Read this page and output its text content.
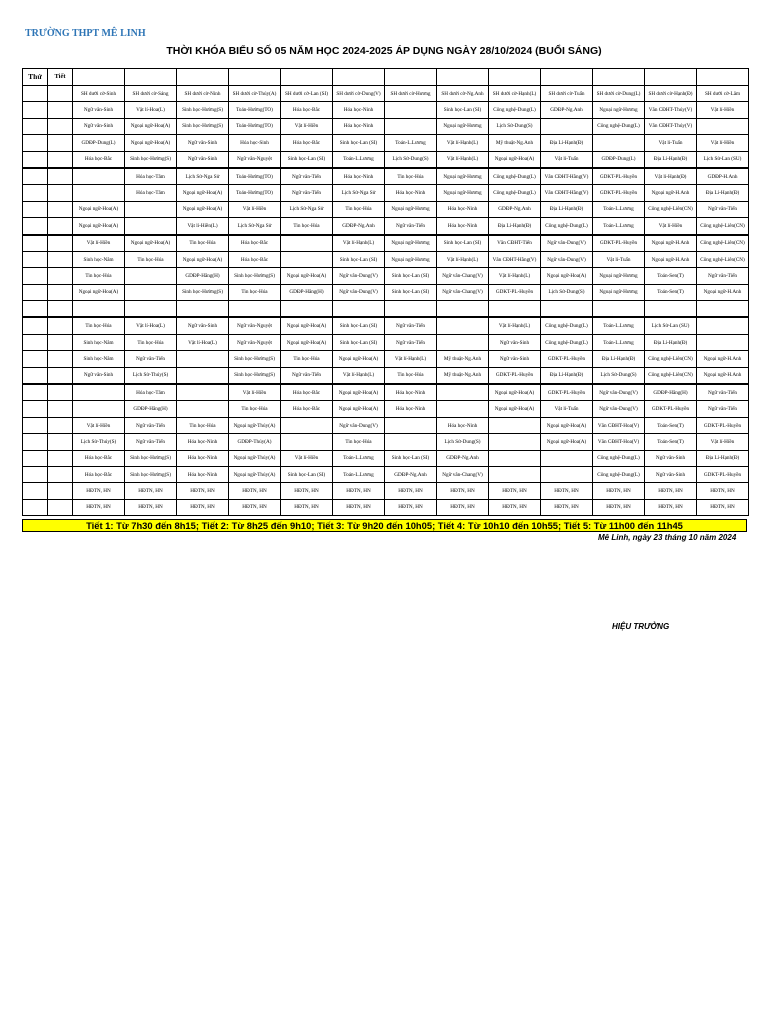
TRƯỜNG THPT MÊ LINH
THỜI KHÓA BIỂU SỐ 05 NĂM HỌC 2024-2025 ÁP DỤNG NGÀY 28/10/2024 (BUỔI SÁNG)
Thứ	Tiết													
		SH dưới cờ-Sinh	SH dưới cờ-Sáng	SH dưới cờ-Ninh	SH dưới cờ-Thúy(A)	SH dưới cờ-Lan (SI)	SH dưới cờ-Dung(V)	SH dưới cờ-Hương	SH dưới cờ-Ng.Anh	SH dưới cờ-Hạnh(L)	SH dưới cờ-Tuấn	SH dưới cờ-Dung(L)	SH dưới cờ-Hạnh(Đ)	SH dưới cờ-Lâm
		Ngữ văn-Sinh	Vật lí-Hoa(L)	Sinh học-Hường(S)	Toán-Hường(TO)	Hóa học-Bắc	Hóa học-Ninh		Sinh học-Lan (SI)	Công nghệ-Dung(L)	GDĐP-Ng.Anh	Ngoại ngữ-Hương	Văn CĐHT-Thúy(V)	Vật lí-Hiền
		Ngữ văn-Sinh	Ngoại ngữ-Hoa(A)	Sinh học-Hường(S)	Toán-Hường(TO)	Vật lí-Hiền	Hóa học-Ninh		Ngoại ngữ-Hương	Lịch Sử-Dung(S)		Công nghệ-Dung(L)	Văn CĐHT-Thúy(V)	
		GDĐP-Dung(L)	Ngoại ngữ-Hoa(A)	Ngữ văn-Sinh	Hóa học-Sinh	Hóa học-Bắc	Sinh học-Lan (SI)	Toán-L.Lương	Vật lí-Hạnh(L)	Mỹ thuật-Ng.Anh	Địa Lí-Hạnh(Đ)		Vật lí-Tuấn	Vật lí-Hiền
		Hóa học-Bắc	Sinh học-Hường(S)	Ngữ văn-Sinh	Ngữ văn-Nguyệt	Sinh học-Lan (SI)	Toán-L.Lương	Lịch Sử-Dung(S)	Vật lí-Hạnh(L)	Ngoại ngữ-Hoa(A)	Vật lí-Tuấn	GDĐP-Dung(L)	Địa Lí-Hạnh(Đ)	Lịch Sử-Lan (SU)
			Hóa học-Tâm	Lịch Sử-Nga Sử	Toán-Hường(TO)	Ngữ văn-Tiến	Hóa học-Ninh	Tin học-Hóa	Ngoại ngữ-Hương	Công nghệ-Dung(L)	Văn CĐHT-Hằng(V)	GDKT-PL-Huyền	Vật lí-Hạnh(Đ)	GDĐP-H.Anh
			Hóa học-Tâm	Ngoại ngữ-Hoa(A)	Toán-Hường(TO)	Ngữ văn-Tiến	Lịch Sử-Nga Sử	Hóa học-Ninh	Ngoại ngữ-Hương	Công nghệ-Dung(L)	Văn CĐHT-Hằng(V)	GDKT-PL-Huyền	Ngoại ngữ-H.Anh	Địa Lí-Hạnh(Đ)
		Ngoại ngữ-Hoa(A)		Ngoại ngữ-Hoa(A)	Vật lí-Hiền	Lịch Sử-Nga Sử	Tin học-Hóa	Ngoại ngữ-Hương	Hóa học-Ninh	GDĐP-Ng.Anh	Địa Lí-Hạnh(Đ)	Toán-L.Lương	Công nghệ-Liên(CN)	Ngữ văn-Tiến
		Ngoại ngữ-Hoa(A)		Vật lí-Hiền(L)	Lịch Sử-Nga Sử	Tin học-Hóa	GDĐP-Ng.Anh	Ngữ văn-Tiến	Hóa học-Ninh	Địa Lí-Hạnh(Đ)	Công nghệ-Dung(L)	Toán-L.Lương	Vật lí-Hiền	Công nghệ-Liên(CN)
		Vật lí-Hiền	Ngoại ngữ-Hoa(A)	Tin học-Hóa	Hóa học-Bắc		Vật lí-Hạnh(L)	Ngoại ngữ-Hương	Sinh học-Lan (SI)	Văn CĐHT-Tiến	Ngữ văn-Dung(V)	GDKT-PL-Huyền	Ngoại ngữ-H.Anh	Công nghệ-Liên(CN)
		Sinh học-Năm	Tin học-Hóa	Ngoại ngữ-Hoa(A)	Hóa học-Bắc		Sinh học-Lan (SI)	Ngoại ngữ-Hương	Vật lí-Hạnh(L)	Văn CĐHT-Hằng(V)	Ngữ văn-Dung(V)	Vật lí-Tuấn	Ngoại ngữ-H.Anh	Công nghệ-Liên(CN)
		Tin học-Hóa		GDĐP-Hằng(H)	Sinh học-Hường(S)	Ngoại ngữ-Hoa(A)	Ngữ văn-Dung(V)	Sinh học-Lan (SI)	Ngữ văn-Chang(V)	Vật lí-Hạnh(L)	Ngoại ngữ-Hoa(A)	Ngoại ngữ-Hương	Toán-Sen(T)	Ngữ văn-Tiến
		Ngoại ngữ-Hoa(A)		Sinh học-Hường(S)	Tin học-Hóa	GDĐP-Hằng(H)	Ngữ văn-Dung(V)	Sinh học-Lan (SI)	Ngữ văn-Chang(V)	GDKT-PL-Huyền	Lịch Sử-Dung(S)	Ngoại ngữ-Hương	Toán-Sen(T)	Ngoại ngữ-H.Anh

		Tin học-Hóa	Vật lí-Hoa(L)	Ngữ văn-Sinh	Ngữ văn-Nguyệt	Ngoại ngữ-Hoa(A)	Sinh học-Lan (SI)	Ngữ văn-Tiến		Vật lí-Hạnh(L)	Công nghệ-Dung(L)	Toán-L.Lương	Lịch Sử-Lan (SU)	
		Sinh học-Năm	Tin học-Hóa	Vật lí-Hoa(L)	Ngữ văn-Nguyệt	Ngoại ngữ-Hoa(A)	Sinh học-Lan (SI)	Ngữ văn-Tiến		Ngữ văn-Sinh	Công nghệ-Dung(L)	Toán-L.Lương	Địa Lí-Hạnh(Đ)	
		Sinh học-Năm	Ngữ văn-Tiến		Sinh học-Hường(S)	Tin học-Hóa	Ngoại ngữ-Hoa(A)	Vật lí-Hạnh(L)	Mỹ thuật-Ng.Anh	Ngữ văn-Sinh	GDKT-PL-Huyền	Địa Lí-Hạnh(Đ)	Công nghệ-Liên(CN)	Ngoại ngữ-H.Anh
		Ngữ văn-Sinh	Lịch Sử-Thúy(S)		Sinh học-Hường(S)	Ngữ văn-Tiến	Vật lí-Hạnh(L)	Tin học-Hóa	Mỹ thuật-Ng.Anh	GDKT-PL-Huyền	Địa Lí-Hạnh(Đ)	Lịch Sử-Dung(S)	Công nghệ-Liên(CN)	Ngoại ngữ-H.Anh
			Hóa học-Tâm		Vật lí-Hiền	Hóa học-Bắc	Ngoại ngữ-Hoa(A)	Hóa học-Ninh		Ngoại ngữ-Hoa(A)	GDKT-PL-Huyền	Ngữ văn-Dung(V)	GDĐP-Hằng(H)	Ngữ văn-Tiến
			GDĐP-Hằng(H)		Tin học-Hóa	Hóa học-Bắc	Ngoại ngữ-Hoa(A)	Hóa học-Ninh		Ngoại ngữ-Hoa(A)	Vật lí-Tuấn	Ngữ văn-Dung(V)	GDKT-PL-Huyền	Ngữ văn-Tiến
		Vật lí-Hiền	Ngữ văn-Tiến	Tin học-Hóa	Ngoại ngữ-Thúy(A)		Ngữ văn-Dung(V)		Hóa học-Ninh		Ngoại ngữ-Hoa(A)	Văn CĐHT-Hoa(V)	Toán-Sen(T)	GDKT-PL-Huyền
		Lịch Sử-Thúy(S)	Ngữ văn-Tiến	Hóa học-Ninh	GDĐP-Thúy(A)		Tin học-Hóa		Lịch Sử-Dung(S)		Ngoại ngữ-Hoa(A)	Văn CĐHT-Hoa(V)	Toán-Sen(T)	Vật lí-Hiền
		Hóa học-Bắc	Sinh học-Hường(S)	Hóa học-Ninh	Ngoại ngữ-Thúy(A)	Vật lí-Hiền	Toán-L.Lương	Sinh học-Lan (SI)	GDĐP-Ng.Anh			Công nghệ-Dung(L)	Ngữ văn-Sinh	Địa Lí-Hạnh(Đ)
		Hóa học-Bắc	Sinh học-Hường(S)	Hóa học-Ninh	Ngoại ngữ-Thúy(A)	Sinh học-Lan (SI)	Toán-L.Lương	GDĐP-Ng.Anh	Ngữ văn-Chang(V)			Công nghệ-Dung(L)	Ngữ văn-Sinh	GDKT-PL-Huyền
		HĐTN, HN	HĐTN, HN	HĐTN, HN	HĐTN, HN	HĐTN, HN	HĐTN, HN	HĐTN, HN	HĐTN, HN	HĐTN, HN	HĐTN, HN	HĐTN, HN	HĐTN, HN	HĐTN, HN
		HĐTN, HN	HĐTN, HN	HĐTN, HN	HĐTN, HN	HĐTN, HN	HĐTN, HN	HĐTN, HN	HĐTN, HN	HĐTN, HN	HĐTN, HN	HĐTN, HN	HĐTN, HN	HĐTN, HN
Tiết 1: Từ 7h30 đến 8h15; Tiết 2: Từ 8h25 đến 9h10; Tiết 3: Từ 9h20 đến 10h05; Tiết 4: Từ 10h10 đến 10h55; Tiết 5: Từ 11h00 đến 11h45
Mê Linh, ngày 23 tháng 10 năm 2024
HIỆU TRƯỞNG
